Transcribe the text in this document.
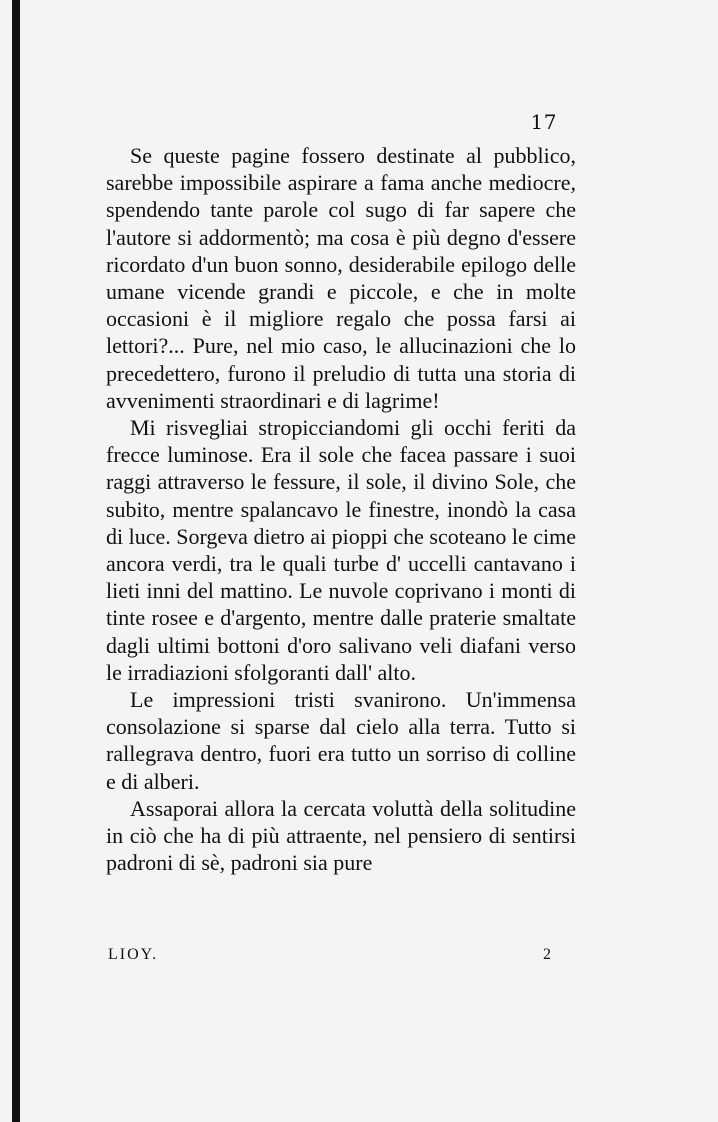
17

Se queste pagine fossero destinate al pubblico, sarebbe impossibile aspirare a fama anche mediocre, spendendo tante parole col sugo di far sapere che l'autore si addormentò; ma cosa è più degno d'essere ricordato d'un buon sonno, desiderabile epilogo delle umane vicende grandi e piccole, e che in molte occasioni è il migliore regalo che possa farsi ai lettori?... Pure, nel mio caso, le allucinazioni che lo precedettero, furono il preludio di tutta una storia di avvenimenti straordinari e di lagrime!

Mi risvegliai stropicciandomi gli occhi feriti da frecce luminose. Era il sole che facea passare i suoi raggi attraverso le fessure, il sole, il divino Sole, che subito, mentre spalancavo le finestre, inondò la casa di luce. Sorgeva dietro ai pioppi che scoteano le cime ancora verdi, tra le quali turbe d' uccelli cantavano i lieti inni del mattino. Le nuvole coprivano i monti di tinte rosee e d'argento, mentre dalle praterie smaltate dagli ultimi bottoni d'oro salivano veli diafani verso le irradiazioni sfolgoranti dall' alto.

Le impressioni tristi svanirono. Un'immensa consolazione si sparse dal cielo alla terra. Tutto si rallegrava dentro, fuori era tutto un sorriso di colline e di alberi.

Assaporai allora la cercata voluttà della solitudine in ciò che ha di più attraente, nel pensiero di sentirsi padroni di sè, padroni sia pure

LIOY.	2
